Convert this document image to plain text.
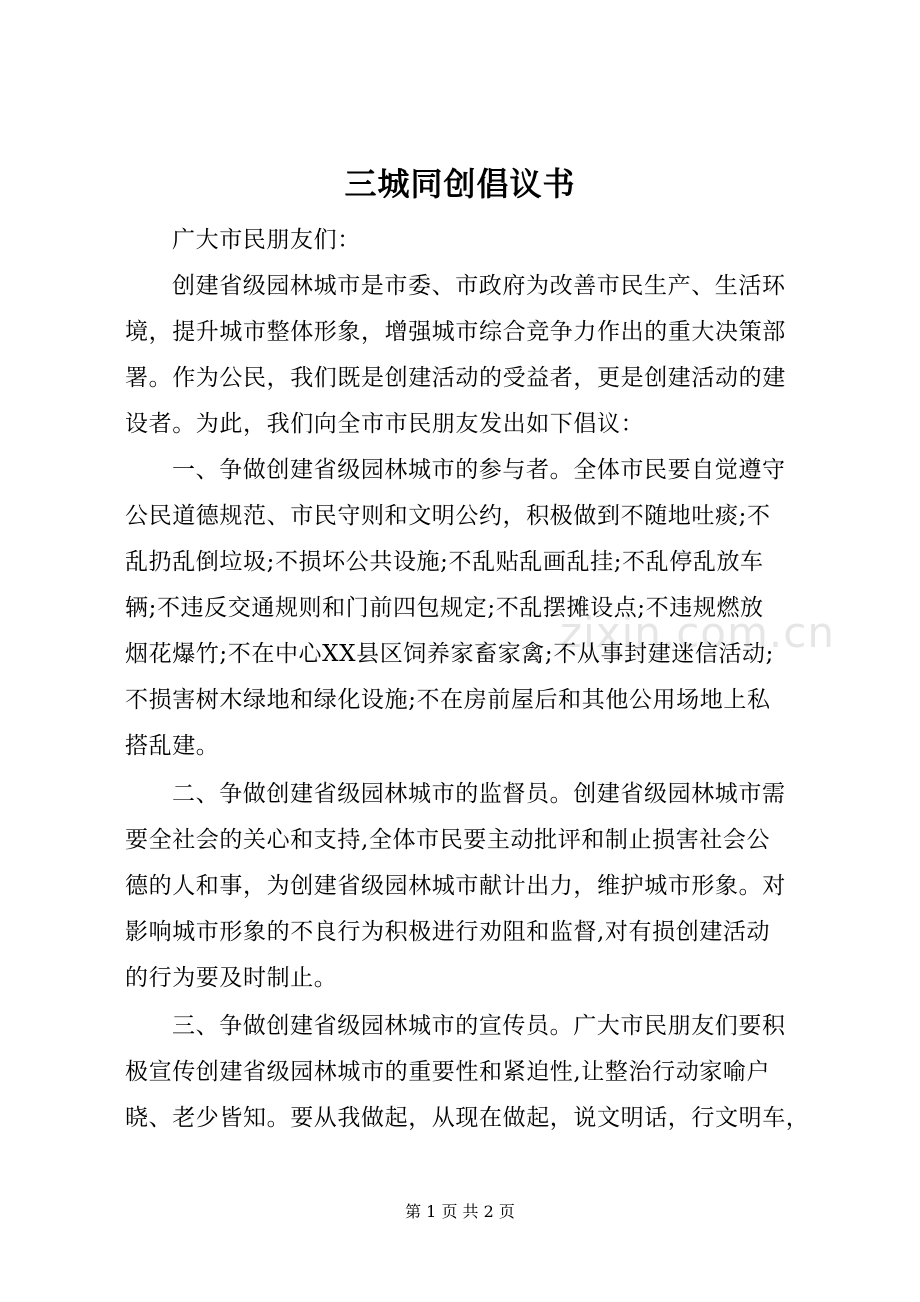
三城同创倡议书
zixin.com.cn
广大市民朋友们：
创建省级园林城市是市委、市政府为改善市民生产、生活环
境，提升城市整体形象，增强城市综合竞争力作出的重大决策部
署。作为公民，我们既是创建活动的受益者，更是创建活动的建
设者。为此，我们向全市市民朋友发出如下倡议：
一、争做创建省级园林城市的参与者。全体市民要自觉遵守
公民道德规范、市民守则和文明公约，积极做到不随地吐痰;不
乱扔乱倒垃圾;不损坏公共设施;不乱贴乱画乱挂;不乱停乱放车
辆;不违反交通规则和门前四包规定;不乱摆摊设点;不违规燃放
烟花爆竹;不在中心XX县区饲养家畜家禽;不从事封建迷信活动;
不损害树木绿地和绿化设施;不在房前屋后和其他公用场地上私
搭乱建。
二、争做创建省级园林城市的监督员。创建省级园林城市需
要全社会的关心和支持,全体市民要主动批评和制止损害社会公
德的人和事，为创建省级园林城市献计出力，维护城市形象。对
影响城市形象的不良行为积极进行劝阻和监督,对有损创建活动
的行为要及时制止。
三、争做创建省级园林城市的宣传员。广大市民朋友们要积
极宣传创建省级园林城市的重要性和紧迫性,让整治行动家喻户
晓、老少皆知。要从我做起，从现在做起，说文明话，行文明车，
第 1 页 共 2 页
